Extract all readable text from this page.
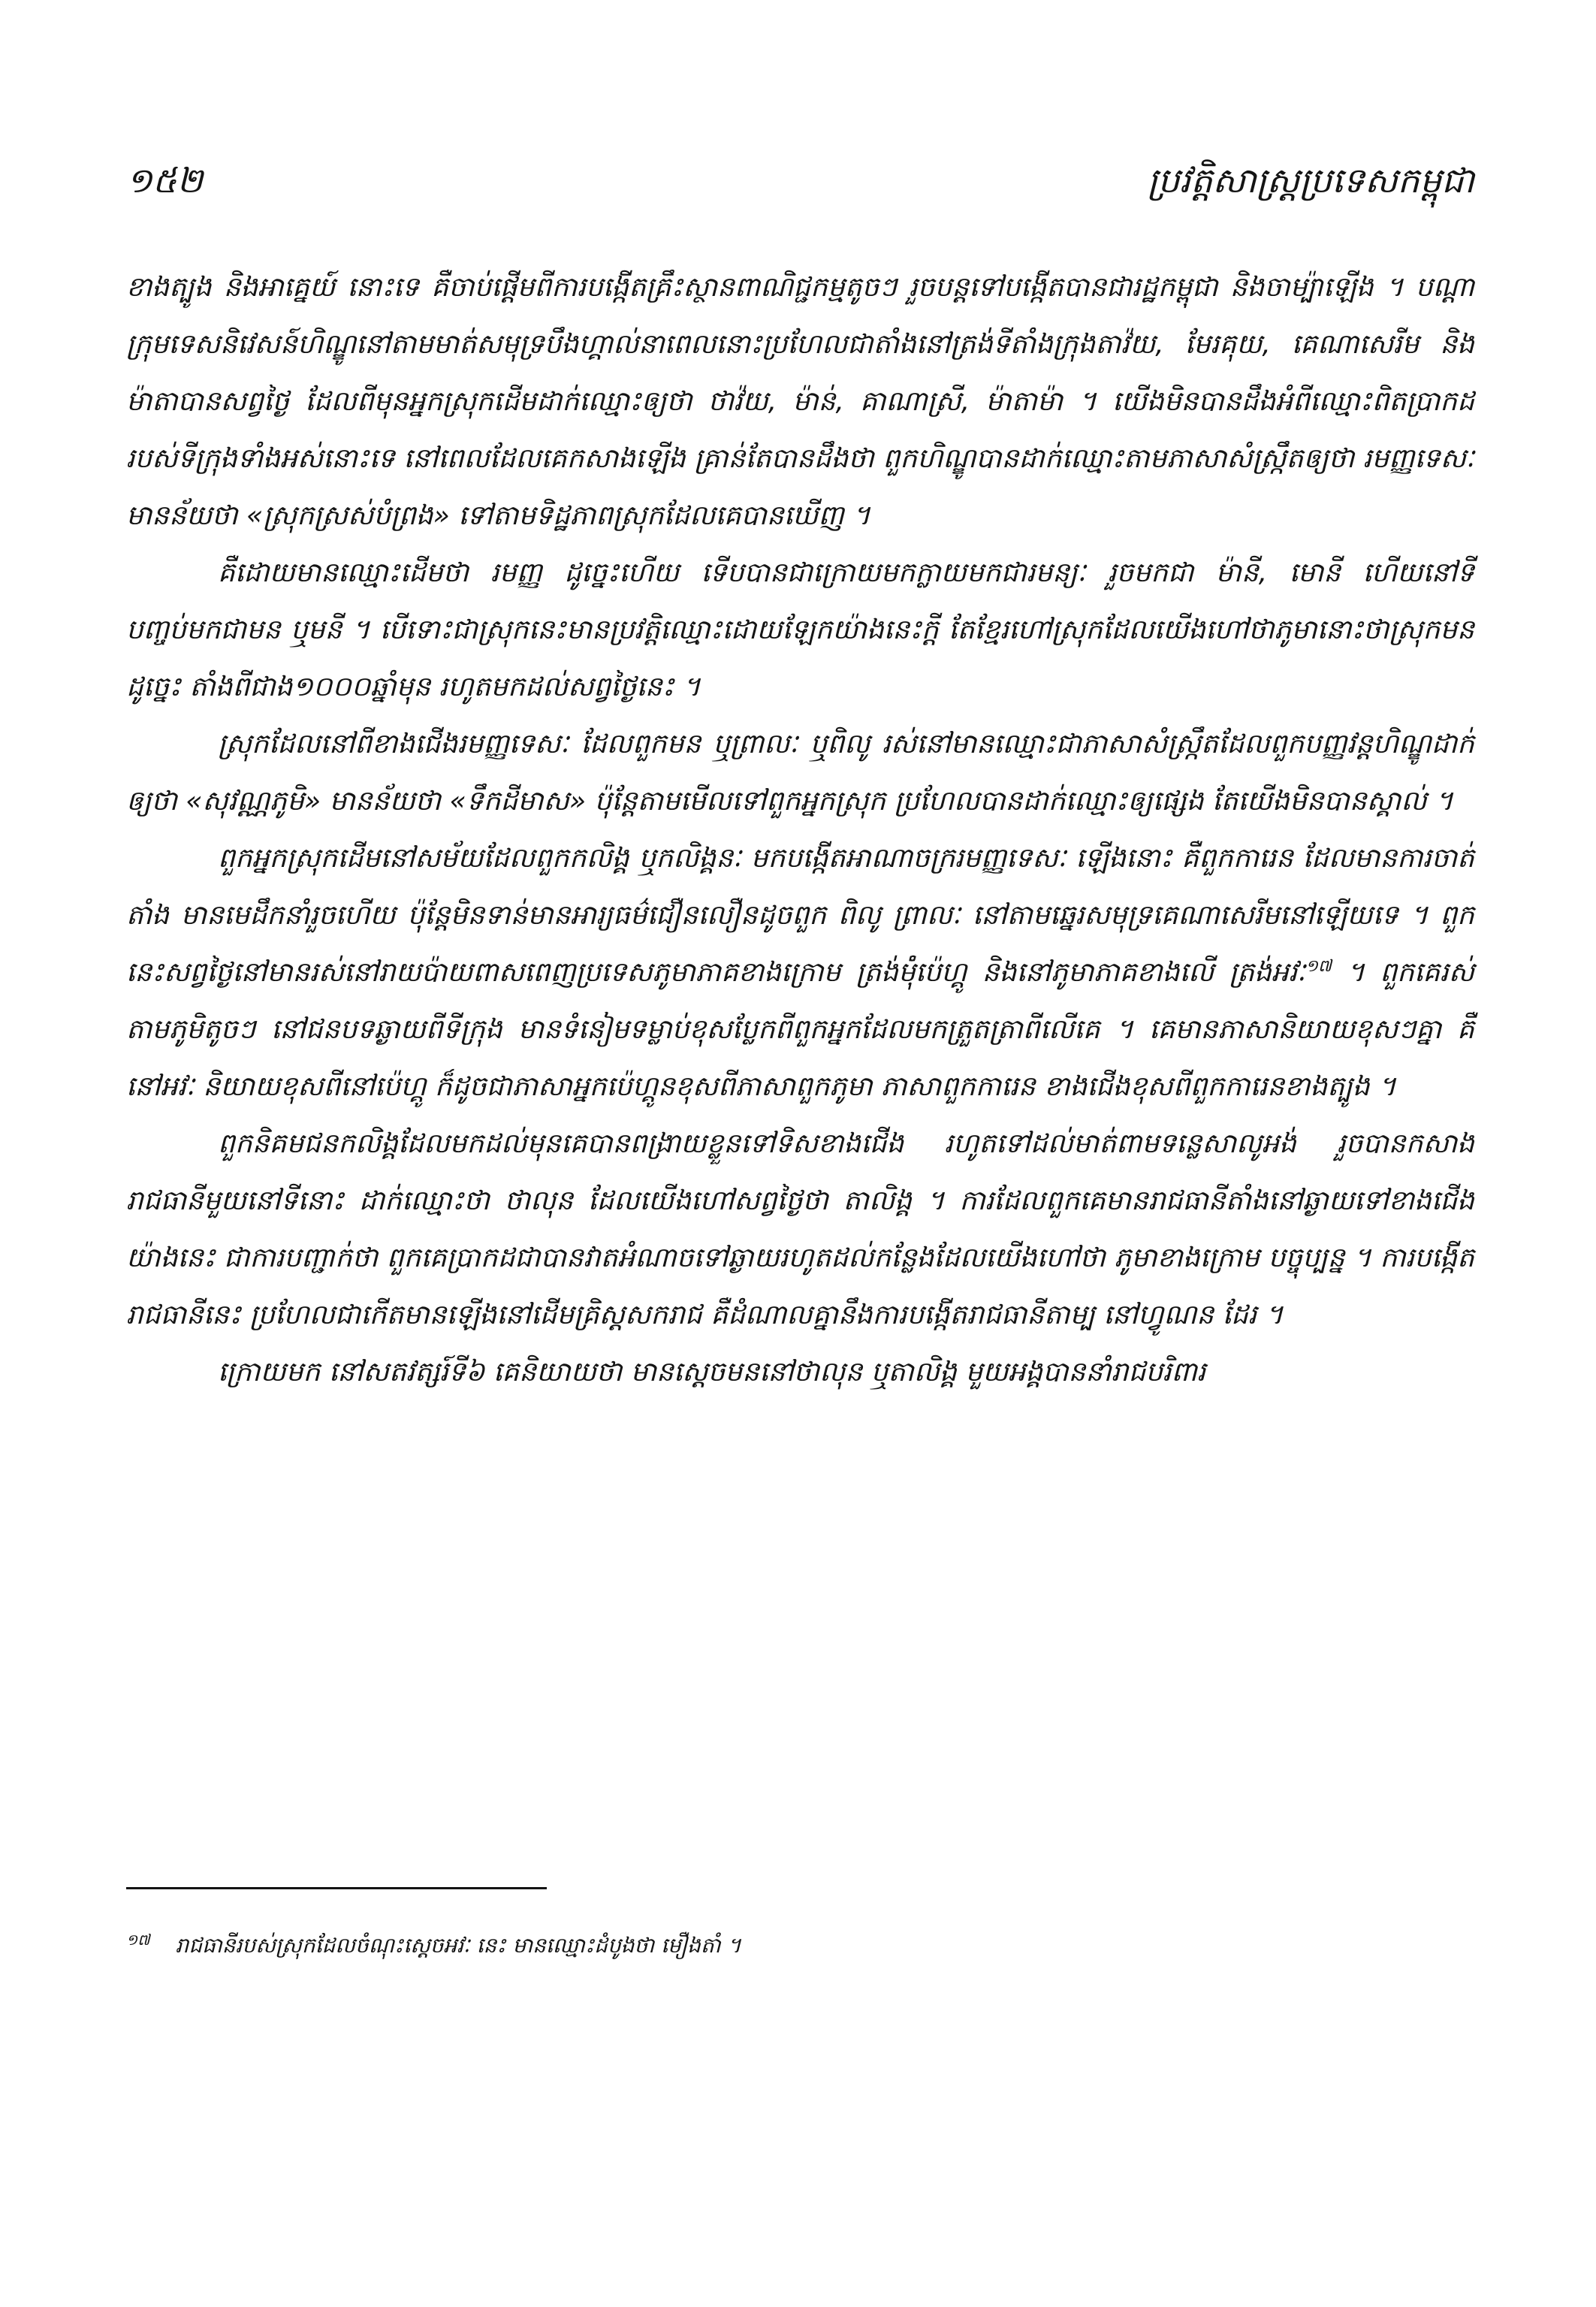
១៥២	ប្រវត្តិសាស្ត្រប្រទេសកម្ពុជា

ខាងត្បូង និងអាគ្នេយ៍ នោះទេ គឺចាប់ផ្ដើមពីការបង្កើតគ្រឹះស្ថានពាណិជ្ជកម្មតូចៗ រួចបន្តទៅបង្កើតបានជារដ្ឋកម្ពុជា និងចាម្ប៉ាឡើង ។ បណ្ដាក្រុមទេសនិវេសន៍ហិណ្ឌូនៅតាមមាត់សមុទ្របឹងហ្គាល់នាពេលនោះប្រហែលជាតាំងនៅត្រង់ទីតាំងក្រុងតាវ៉យ, មែរគុយ, គេណាសេរីម និងម៉ាតាបានសព្វថ្ងៃ ដែលពីមុនអ្នកស្រុកដើមដាក់ឈ្មោះឲ្យថា ថាវ៉យ, ម៉ាន់, គាណាស្រី, ម៉ាតាម៉ា ។ យើងមិនបានដឹងអំពីឈ្មោះពិតប្រាកដរបស់ទីក្រុងទាំងអស់នោះទេ នៅពេលដែលគេកសាងឡើង គ្រាន់តែបានដឹងថា ពួកហិណ្ឌូបានដាក់ឈ្មោះតាមភាសាសំស្ក្រឹតឲ្យថា រមញ្ញទេសៈ មានន័យថា «ស្រុកស្រស់បំព្រង» ទៅតាមទិដ្ឋភាពស្រុកដែលគេបានឃើញ ។

គឺដោយមានឈ្មោះដើមថា រមញ្ញ ដូច្នេះហើយ ទើបបានជាក្រោយមកក្លាយមកជារមន្យៈ រួចមកជា ម៉ានី, មោនី ហើយនៅទីបញ្ចប់មកជាមន ឬមនី ។ បើទោះជាស្រុកនេះមានប្រវត្តិឈ្មោះដោយឡែកយ៉ាងនេះក្ដី តែខ្មែរហៅស្រុកដែលយើងហៅថាភូមានោះថាស្រុកមនដូច្នេះ តាំងពីជាង១០០០ឆ្នាំមុន រហូតមកដល់សព្វថ្ងៃនេះ ។

ស្រុកដែលនៅពីខាងជើងរមញ្ញទេសៈ ដែលពួកមន ឬព្រាលៈ ឬពិលូ រស់នៅមានឈ្មោះជាភាសាសំស្ក្រឹតដែលពួកបញ្ញវន្តហិណ្ឌូដាក់ឲ្យថា «សុវណ្ណភូមិ» មានន័យថា «ទឹកដីមាស» ប៉ុន្តែតាមមើលទៅពួកអ្នកស្រុក ប្រហែលបានដាក់ឈ្មោះឲ្យផ្សេង តែយើងមិនបានស្គាល់ ។

ពួកអ្នកស្រុកដើមនៅសម័យដែលពួកកលិង្គ ឬកលិង្គនៈ មកបង្កើតអាណាចក្ររមញ្ញទេសៈ ឡើងនោះ គឺពួកការេន ដែលមានការចាត់តាំង មានមេដឹកនាំរួចហើយ ប៉ុន្តែមិនទាន់មានអារ្យធម៌ជឿនលឿនដូចពួក ពិលូ ព្រាលៈ នៅតាមឆ្នេរសមុទ្រគេណាសេរីមនៅឡើយទេ ។ ពួកនេះសព្វថ្ងៃនៅមានរស់នៅរាយប៉ាយពាសពេញប្រទេសភូមាភាគខាងក្រោម ត្រង់ម៉ុំប៉េហ្គូ និងនៅភូមាភាគខាងលើ ត្រង់អវៈ$^{១៧}$ ។ ពួកគេរស់តាមភូមិតូចៗ នៅជនបទឆ្ងាយពីទីក្រុង មានទំនៀមទម្លាប់ខុសប្លែកពីពួកអ្នកដែលមកត្រួតត្រាពីលើគេ ។ គេមានភាសានិយាយខុសៗគ្នា គឺនៅអវៈ និយាយខុសពីនៅប៉េហ្គូ ក៏ដូចជាភាសាអ្នកប៉េហ្គូនខុសពីភាសាពួកភូមា ភាសាពួកការេន ខាងជើងខុសពីពួកការេនខាងត្បូង ។

ពួកនិគមជនកលិង្គដែលមកដល់មុនគេបានពង្រាយខ្លួនទៅទិសខាងជើង រហូតទៅដល់មាត់ពាមទន្លេសាលូអង់ រួចបានកសាងរាជធានីមួយនៅទីនោះ ដាក់ឈ្មោះថា ថាលុន ដែលយើងហៅសព្វថ្ងៃថា តាលិង្គ ។ ការដែលពួកគេមានរាជធានីតាំងនៅឆ្ងាយទៅខាងជើងយ៉ាងនេះ ជាការបញ្ជាក់ថា ពួកគេប្រាកដជាបានវាតអំណាចទៅឆ្ងាយរហូតដល់កន្លែងដែលយើងហៅថា ភូមាខាងក្រោម បច្ចុប្បន្ន ។ ការបង្កើតរាជធានីនេះ ប្រហែលជាកើតមានឡើងនៅដើមគ្រិស្តសករាជ គឺដំណាលគ្នានឹងការបង្កើតរាជធានីតាម្ប នៅហ្វូណន ដែរ ។

ក្រោយមក នៅសតវត្សរ៍ទី៦ គេនិយាយថា មានស្ដេចមននៅថាលុន ឬតាលិង្គ មួយអង្គបាននាំរាជបរិពារ

$^{១៧}$ រាជធានីរបស់ស្រុកដែលចំណុះស្ដេចអវៈ នេះ មានឈ្មោះដំបូងថា មឿងតាំ ។
